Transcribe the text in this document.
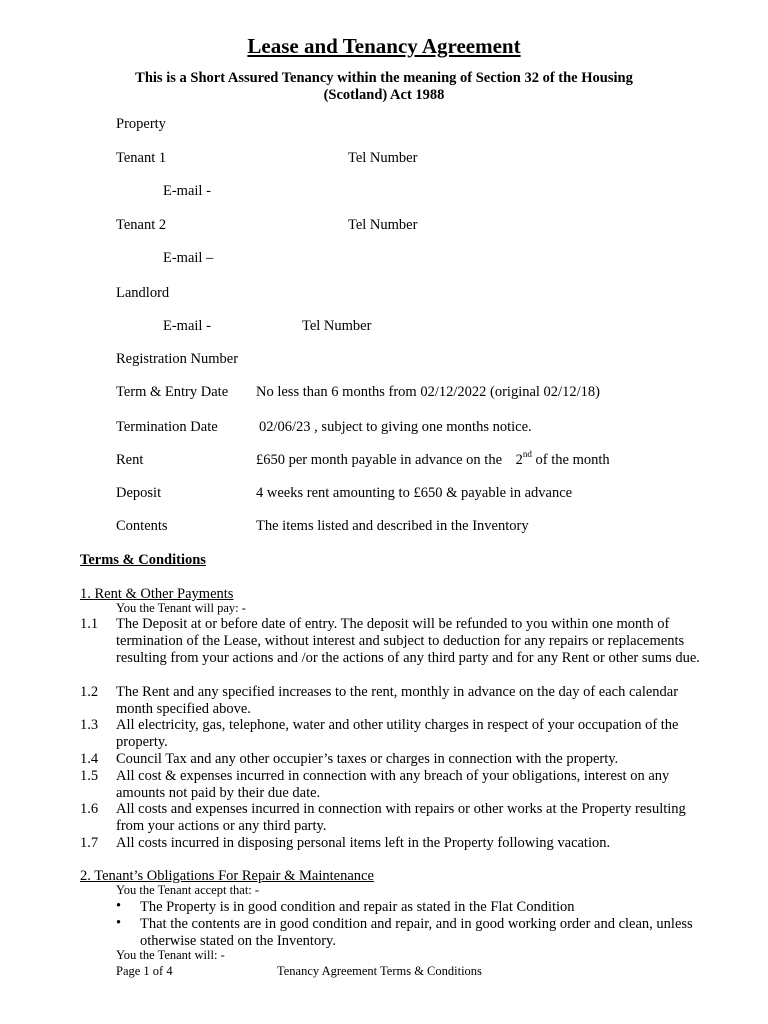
Lease and Tenancy Agreement
This is a Short Assured Tenancy within the meaning of Section 32 of the Housing (Scotland) Act 1988
Property
Tenant 1	Tel Number
E-mail -
Tenant 2	Tel Number
E-mail –
Landlord
E-mail -	Tel Number
Registration Number
Term & Entry Date No less than 6 months from 02/12/2022 (original 02/12/18)
Termination Date	02/06/23 , subject to giving one months notice.
Rent	£650 per month payable in advance on the 2nd of the month
Deposit	4 weeks rent amounting to £650 & payable in advance
Contents	The items listed and described in the Inventory
Terms & Conditions
1. Rent & Other Payments
You the Tenant will pay: -
1.1 The Deposit at or before date of entry. The deposit will be refunded to you within one month of termination of the Lease, without interest and subject to deduction for any repairs or replacements resulting from your actions and /or the actions of any third party and for any Rent or other sums due.
1.2 The Rent and any specified increases to the rent, monthly in advance on the day of each calendar month specified above.
1.3 All electricity, gas, telephone, water and other utility charges in respect of your occupation of the property.
1.4 Council Tax and any other occupier’s taxes or charges in connection with the property.
1.5 All cost & expenses incurred in connection with any breach of your obligations, interest on any amounts not paid by their due date.
1.6 All costs and expenses incurred in connection with repairs or other works at the Property resulting from your actions or any third party.
1.7 All costs incurred in disposing personal items left in the Property following vacation.
2. Tenant’s Obligations For Repair & Maintenance
You the Tenant accept that: -
• The Property is in good condition and repair as stated in the Flat Condition
• That the contents are in good condition and repair, and in good working order and clean, unless otherwise stated on the Inventory.
You the Tenant will: -
Page 1 of 4	Tenancy Agreement Terms & Conditions
